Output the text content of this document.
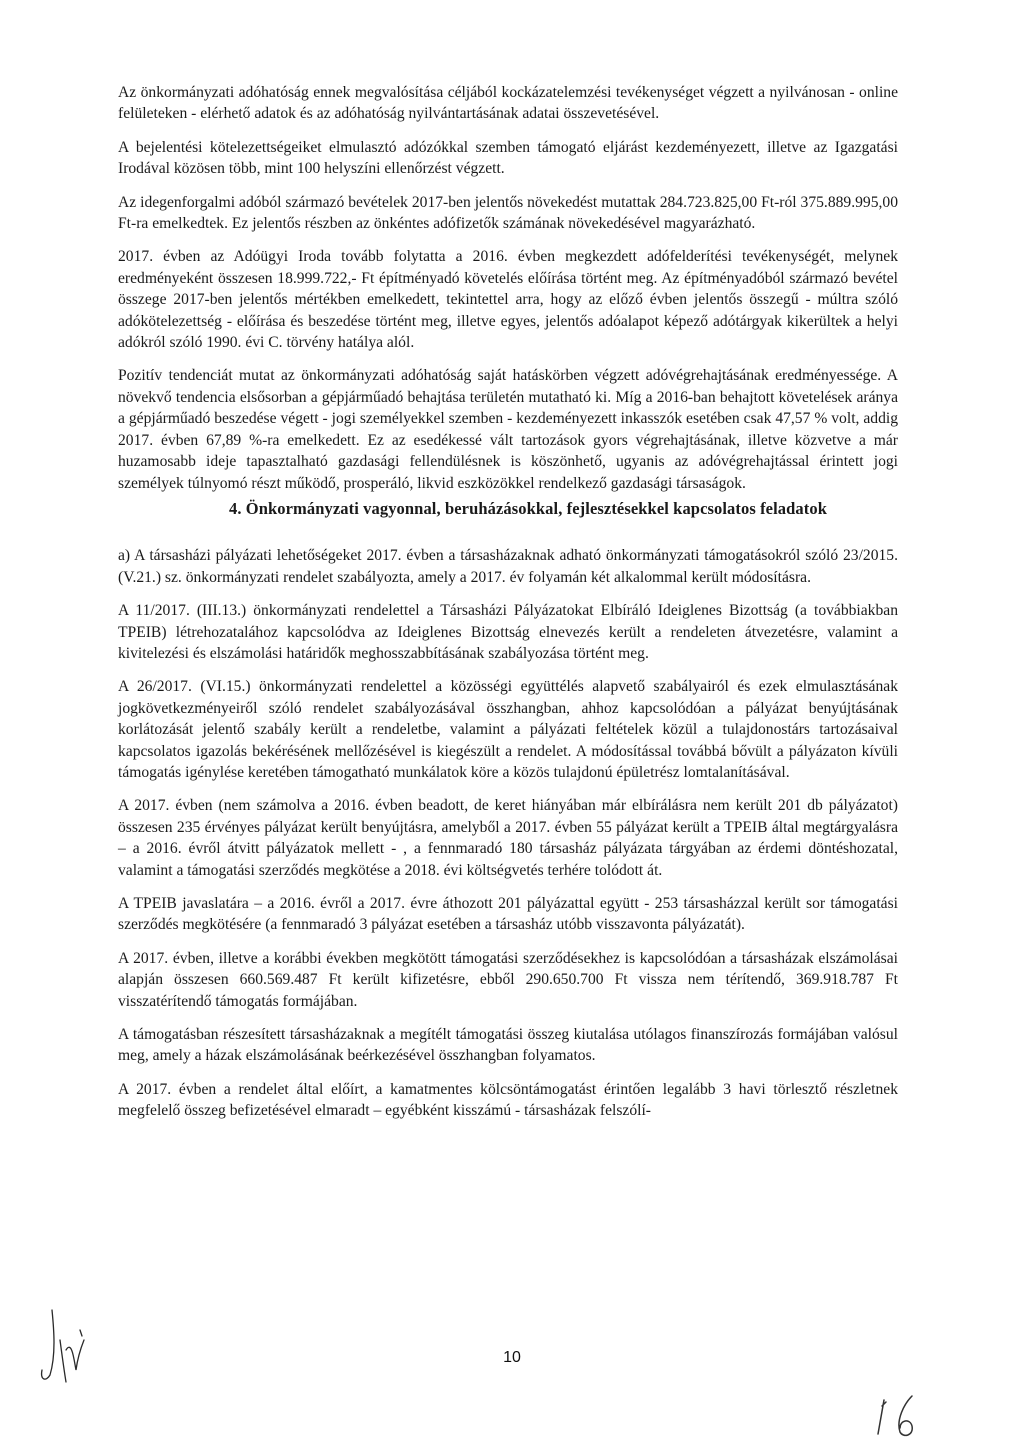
Az önkormányzati adóhatóság ennek megvalósítása céljából kockázatelemzési tevékenységet végzett a nyilvánosan - online felületeken - elérhető adatok és az adóhatóság nyilvántartásának adatai összevetésével.

A bejelentési kötelezettségeiket elmulasztó adózókkal szemben támogató eljárást kezdeményezett, illetve az Igazgatási Irodával közösen több, mint 100 helyszíni ellenőrzést végzett.

Az idegenforgalmi adóból származó bevételek 2017-ben jelentős növekedést mutattak 284.723.825,00 Ft-ról 375.889.995,00 Ft-ra emelkedtek. Ez jelentős részben az önkéntes adófizetők számának növekedésével magyarázható.

2017. évben az Adóügyi Iroda tovább folytatta a 2016. évben megkezdett adófelderítési tevékenységét, melynek eredményeként összesen 18.999.722,- Ft építményadó követelés előírása történt meg. Az építményadóból származó bevétel összege 2017-ben jelentős mértékben emelkedett, tekintettel arra, hogy az előző évben jelentős összegű - múltra szóló adókötelezettség - előírása és beszedése történt meg, illetve egyes, jelentős adóalapot képező adótárgyak kikerültek a helyi adókról szóló 1990. évi C. törvény hatálya alól.

Pozitív tendenciát mutat az önkormányzati adóhatóság saját hatáskörben végzett adóvégrehajtásának eredményessége. A növekvő tendencia elsősorban a gépjárműadó behajtása területén mutatható ki. Míg a 2016-ban behajtott követelések aránya a gépjárműadó beszedése végett - jogi személyekkel szemben - kezdeményezett inkasszók esetében csak 47,57 % volt, addig 2017. évben 67,89 %-ra emelkedett. Ez az esedékessé vált tartozások gyors végrehajtásának, illetve közvetve a már huzamosabb ideje tapasztalható gazdasági fellendülésnek is köszönhető, ugyanis az adóvégrehajtással érintett jogi személyek túlnyomó részt működő, prosperáló, likvid eszközökkel rendelkező gazdasági társaságok.

4. Önkormányzati vagyonnal, beruházásokkal, fejlesztésekkel kapcsolatos feladatok

a) A társasházi pályázati lehetőségeket 2017. évben a társasházaknak adható önkormányzati támogatásokról szóló 23/2015. (V.21.) sz. önkormányzati rendelet szabályozta, amely a 2017. év folyamán két alkalommal került módosításra.

A 11/2017. (III.13.) önkormányzati rendelettel a Társasházi Pályázatokat Elbíráló Ideiglenes Bizottság (a továbbiakban TPEIB) létrehozatalához kapcsolódva az Ideiglenes Bizottság elnevezés került a rendeleten átvezetésre, valamint a kivitelezési és elszámolási határidők meghosszabbításának szabályozása történt meg.

A 26/2017. (VI.15.) önkormányzati rendelettel a közösségi együttélés alapvető szabályairól és ezek elmulasztásának jogkövetkezményeiről szóló rendelet szabályozásával összhangban, ahhoz kapcsolódóan a pályázat benyújtásának korlátozását jelentő szabály került a rendeletbe, valamint a pályázati feltételek közül a tulajdonostárs tartozásaival kapcsolatos igazolás bekérésének mellőzésével is kiegészült a rendelet. A módosítással továbbá bővült a pályázaton kívüli támogatás igénylése keretében támogatható munkálatok köre a közös tulajdonú épületrész lomtalanításával.

A 2017. évben (nem számolva a 2016. évben beadott, de keret hiányában már elbírálásra nem került 201 db pályázatot) összesen 235 érvényes pályázat került benyújtásra, amelyből a 2017. évben 55 pályázat került a TPEIB által megtárgyalásra – a 2016. évről átvitt pályázatok mellett - , a fennmaradó 180 társasház pályázata tárgyában az érdemi döntéshozatal, valamint a támogatási szerződés megkötése a 2018. évi költségvetés terhére tolódott át.

A TPEIB javaslatára – a 2016. évről a 2017. évre áthozott 201 pályázattal együtt - 253 társasházzal került sor támogatási szerződés megkötésére (a fennmaradó 3 pályázat esetében a társasház utóbb visszavonta pályázatát).

A 2017. évben, illetve a korábbi években megkötött támogatási szerződésekhez is kapcsolódóan a társasházak elszámolásai alapján összesen 660.569.487 Ft került kifizetésre, ebből 290.650.700 Ft vissza nem térítendő, 369.918.787 Ft visszatérítendő támogatás formájában.

A támogatásban részesített társasházaknak a megítélt támogatási összeg kiutalása utólagos finanszírozás formájában valósul meg, amely a házak elszámolásának beérkezésével összhangban folyamatos.

A 2017. évben a rendelet által előírt, a kamatmentes kölcsöntámogatást érintően legalább 3 havi törlesztő részletnek megfelelő összeg befizetésével elmaradt – egyébként kisszámú - társasházak felszólí-

10
